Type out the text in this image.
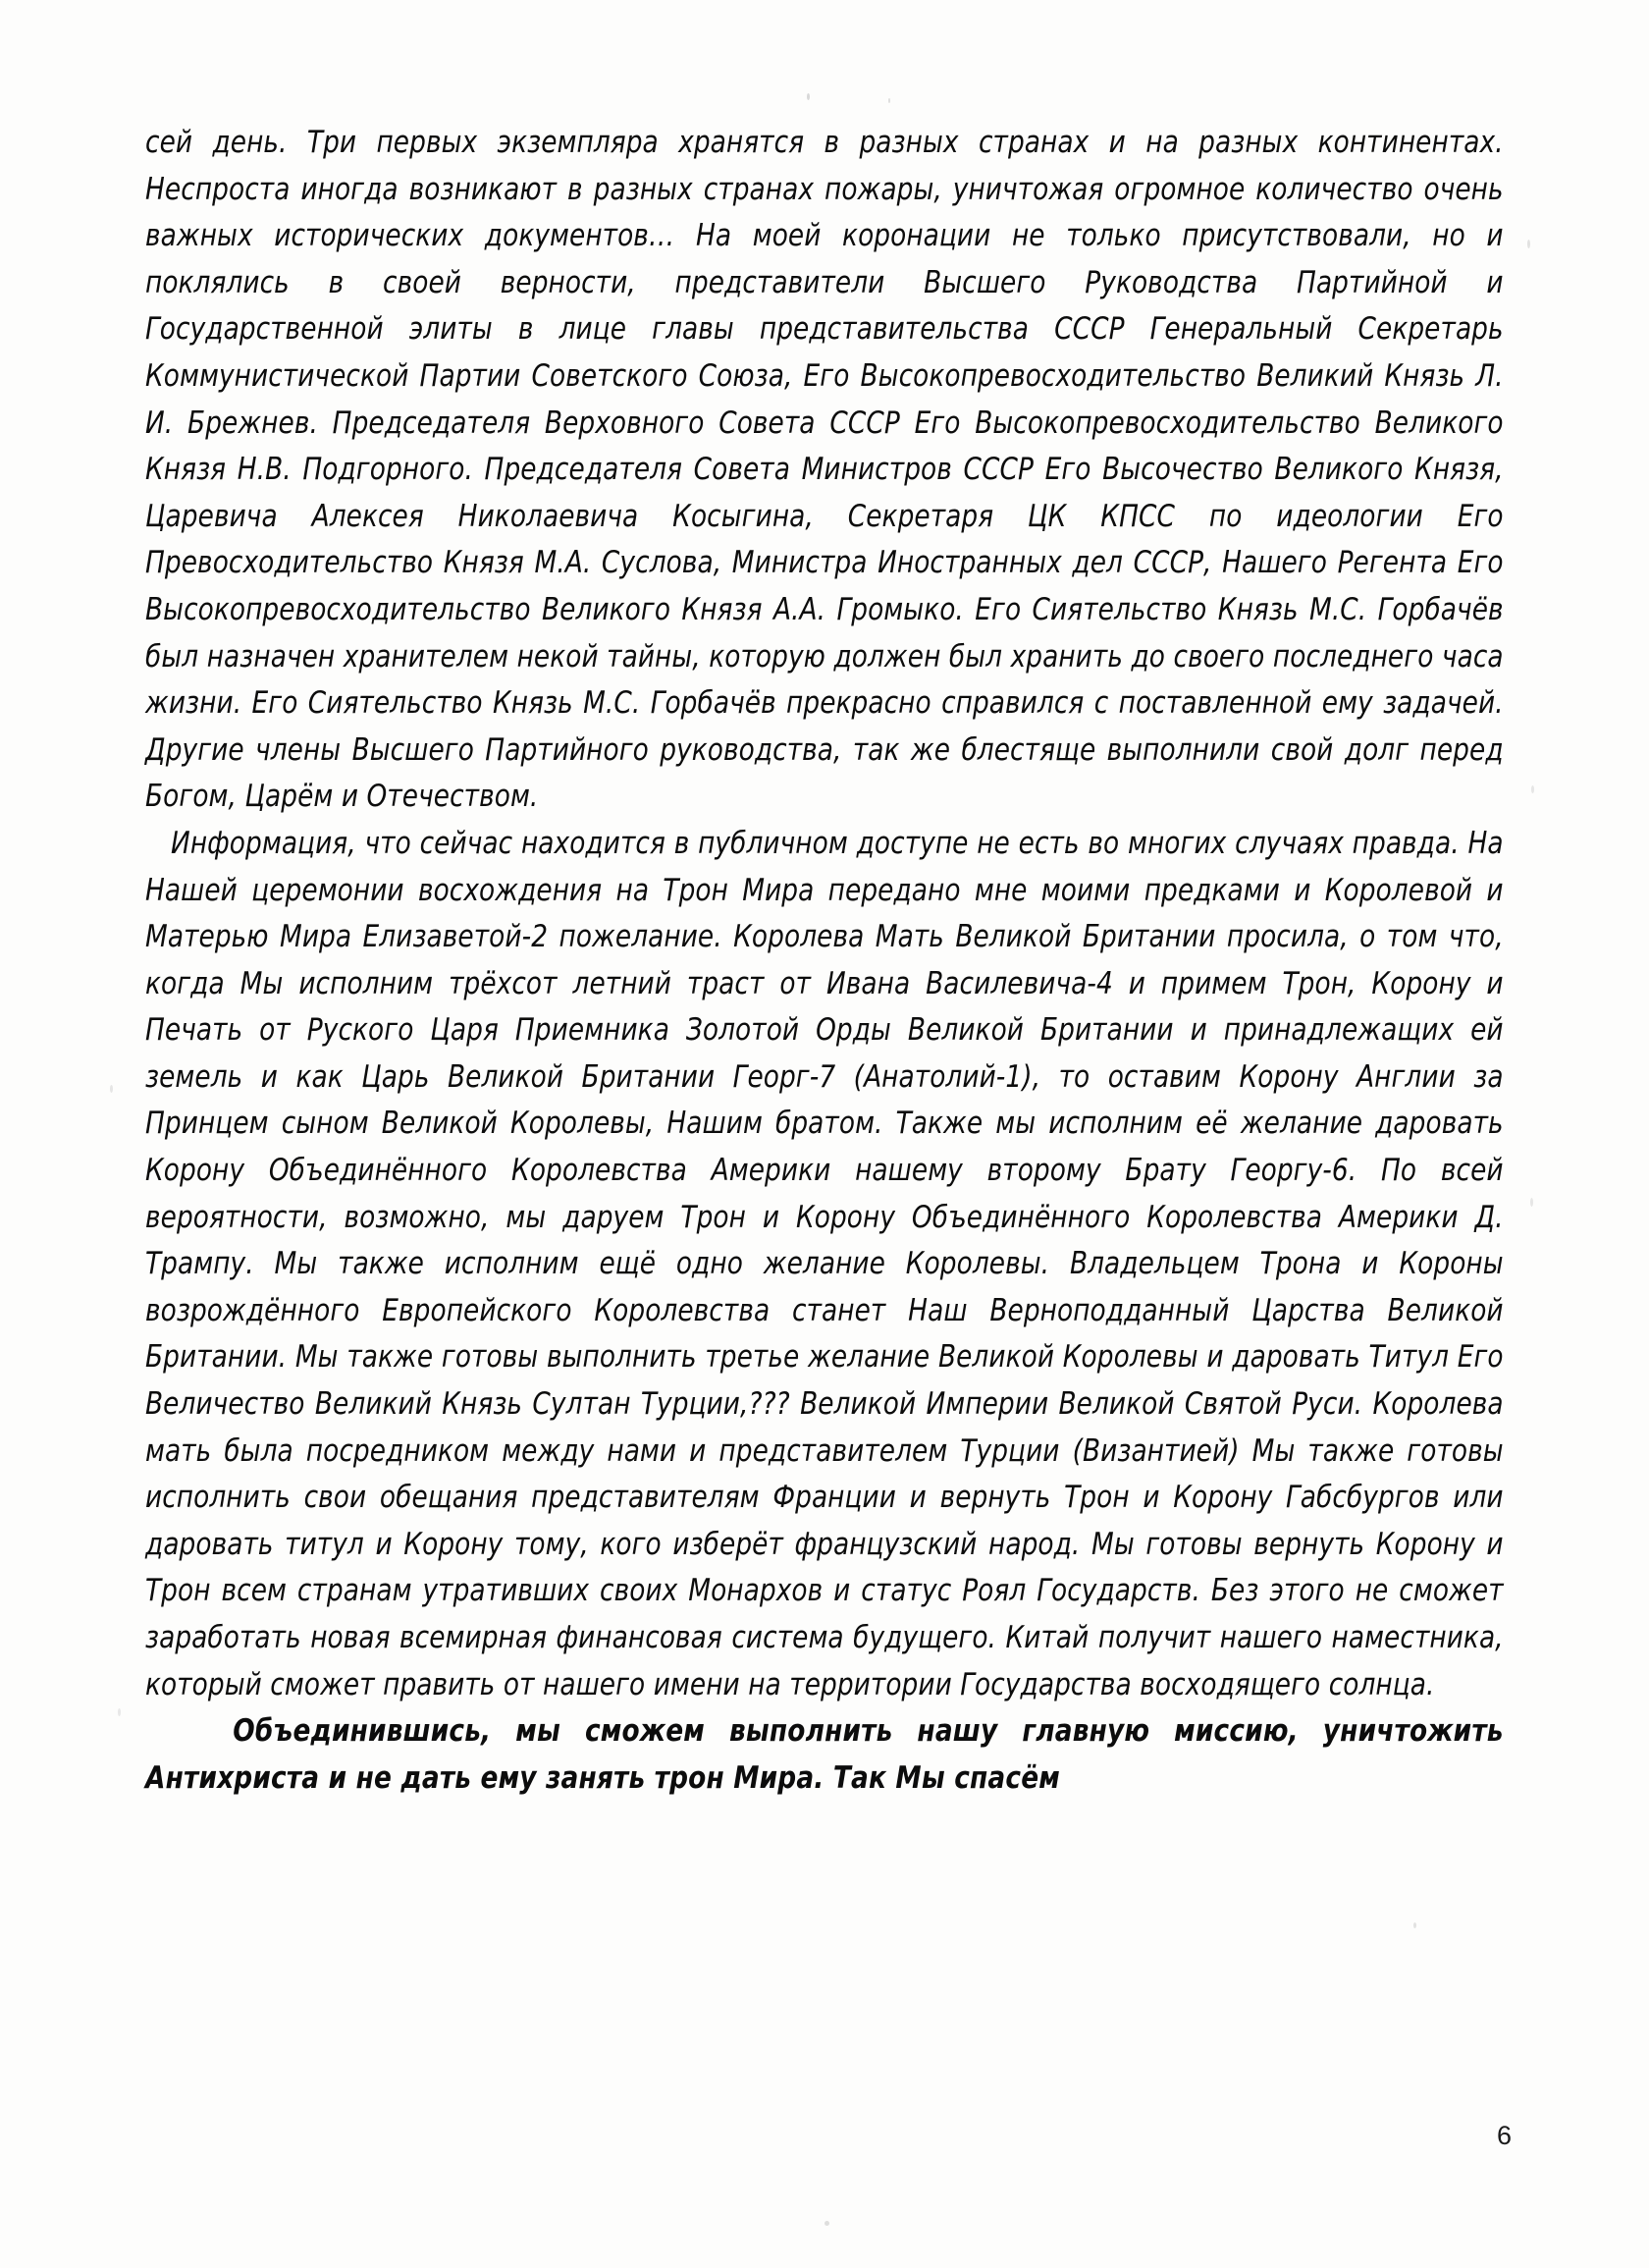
сей день. Три первых экземпляра хранятся в разных странах и на разных континентах. Неспроста иногда возникают в разных странах пожары, уничтожая огромное количество очень важных исторических документов… На моей коронации не только присутствовали, но и поклялись в своей верности, представители Высшего Руководства Партийной и Государственной элиты в лице главы представительства СССР Генеральный Секретарь Коммунистической Партии Советского Союза, Его Высокопревосходительство Великий Князь Л. И. Брежнев. Председателя Верховного Совета СССР Его Высокопревосходительство Великого Князя Н.В. Подгорного. Председателя Совета Министров СССР Его Высочество Великого Князя, Царевича Алексея Николаевича Косыгина, Секретаря ЦК КПСС по идеологии Его Превосходительство Князя М.А. Суслова, Министра Иностранных дел СССР, Нашего Регента Его Высокопревосходительство Великого Князя А.А. Громыко. Его Сиятельство Князь М.С. Горбачёв был назначен хранителем некой тайны, которую должен был хранить до своего последнего часа жизни. Его Сиятельство Князь М.С. Горбачёв прекрасно справился с поставленной ему задачей. Другие члены Высшего Партийного руководства, так же блестяще выполнили свой долг перед Богом, Царём и Отечеством.

Информация, что сейчас находится в публичном доступе не есть во многих случаях правда. На Нашей церемонии восхождения на Трон Мира передано мне моими предками и Королевой и Матерью Мира Елизаветой-2 пожелание. Королева Мать Великой Британии просила, о том что, когда Мы исполним трёхсот летний траст от Ивана Василевича-4 и примем Трон, Корону и Печать от Руского Царя Приемника Золотой Орды Великой Британии и принадлежащих ей земель и как Царь Великой Британии Георг-7 (Анатолий-1), то оставим Корону Англии за Принцем сыном Великой Королевы, Нашим братом. Также мы исполним её желание даровать Корону Объединённого Королевства Америки нашему второму Брату Георгу-6. По всей вероятности, возможно, мы даруем Трон и Корону Объединённого Королевства Америки Д. Трампу. Мы также исполним ещё одно желание Королевы. Владельцем Трона и Короны возрождённого Европейского Королевства станет Наш Верноподданный Царства Великой Британии. Мы также готовы выполнить третье желание Великой Королевы и даровать Титул Его Величество Великий Князь Султан Турции,??? Великой Империи Великой Святой Руси. Королева мать была посредником между нами и представителем Турции (Византией) Мы также готовы исполнить свои обещания представителям Франции и вернуть Трон и Корону Габсбургов или даровать титул и Корону тому, кого изберёт французский народ. Мы готовы вернуть Корону и Трон всем странам утративших своих Монархов и статус Роял Государств. Без этого не сможет заработать новая всемирная финансовая система будущего. Китай получит нашего наместника, который сможет править от нашего имени на территории Государства восходящего солнца.

Объединившись, мы сможем выполнить нашу главную миссию, уничтожить Антихриста и не дать ему занять трон Мира. Так Мы спасём

6
